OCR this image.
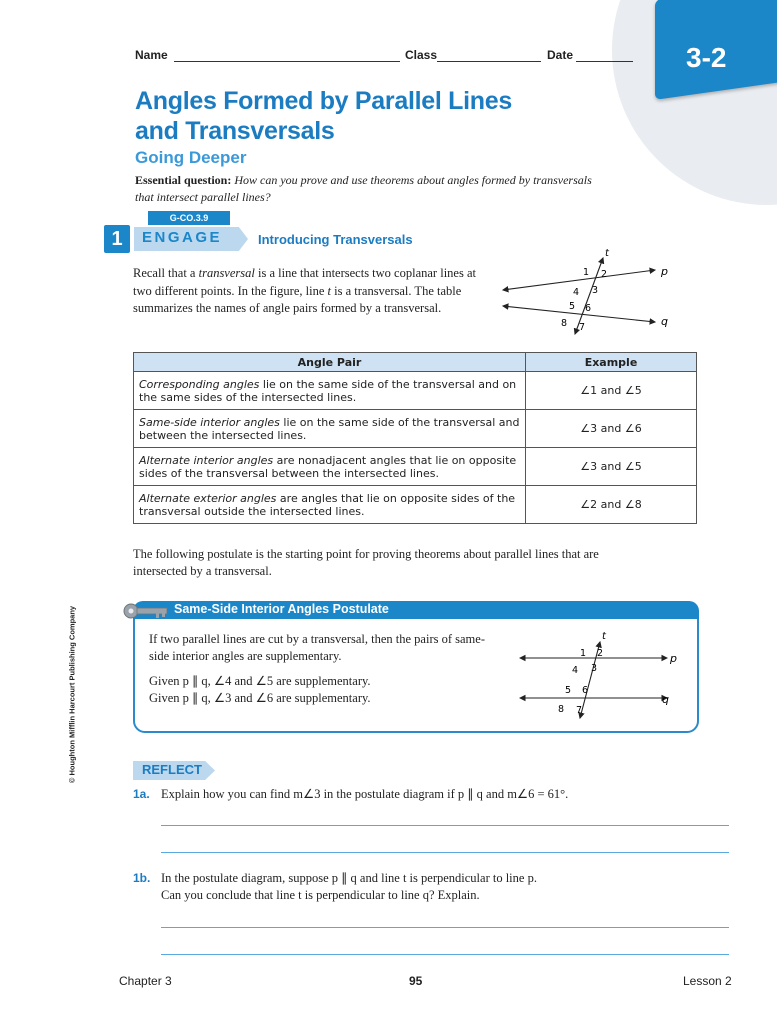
3-2
Name	Class	Date
Angles Formed by Parallel Lines
and Transversals
Going Deeper
Essential question: How can you prove and use theorems about angles formed by transversals that intersect parallel lines?
G-CO.3.9
1	ENGAGE	Introducing Transversals
Recall that a transversal is a line that intersects two coplanar lines at two different points. In the figure, line t is a transversal. The table summarizes the names of angle pairs formed by a transversal.
t
p
q
1 2
3
4
5 6
7
8
Angle Pair	Example
Corresponding angles lie on the same side of the transversal and on the same sides of the intersected lines.	∠1 and ∠5
Same-side interior angles lie on the same side of the transversal and between the intersected lines.	∠3 and ∠6
Alternate interior angles are nonadjacent angles that lie on opposite sides of the transversal between the intersected lines.	∠3 and ∠5
Alternate exterior angles are angles that lie on opposite sides of the transversal outside the intersected lines.	∠2 and ∠8
The following postulate is the starting point for proving theorems about parallel lines that are intersected by a transversal.
Same-Side Interior Angles Postulate
If two parallel lines are cut by a transversal, then the pairs of same-side interior angles are supplementary.
Given p ∥ q, ∠4 and ∠5 are supplementary.
Given p ∥ q, ∠3 and ∠6 are supplementary.
t
p
q
1 2
3
4
5 6
7
8
REFLECT
1a. Explain how you can find m∠3 in the postulate diagram if p ∥ q and m∠6 = 61°.
1b. In the postulate diagram, suppose p ∥ q and line t is perpendicular to line p.
Can you conclude that line t is perpendicular to line q? Explain.
© Houghton Mifflin Harcourt Publishing Company
Chapter 3	95	Lesson 2
